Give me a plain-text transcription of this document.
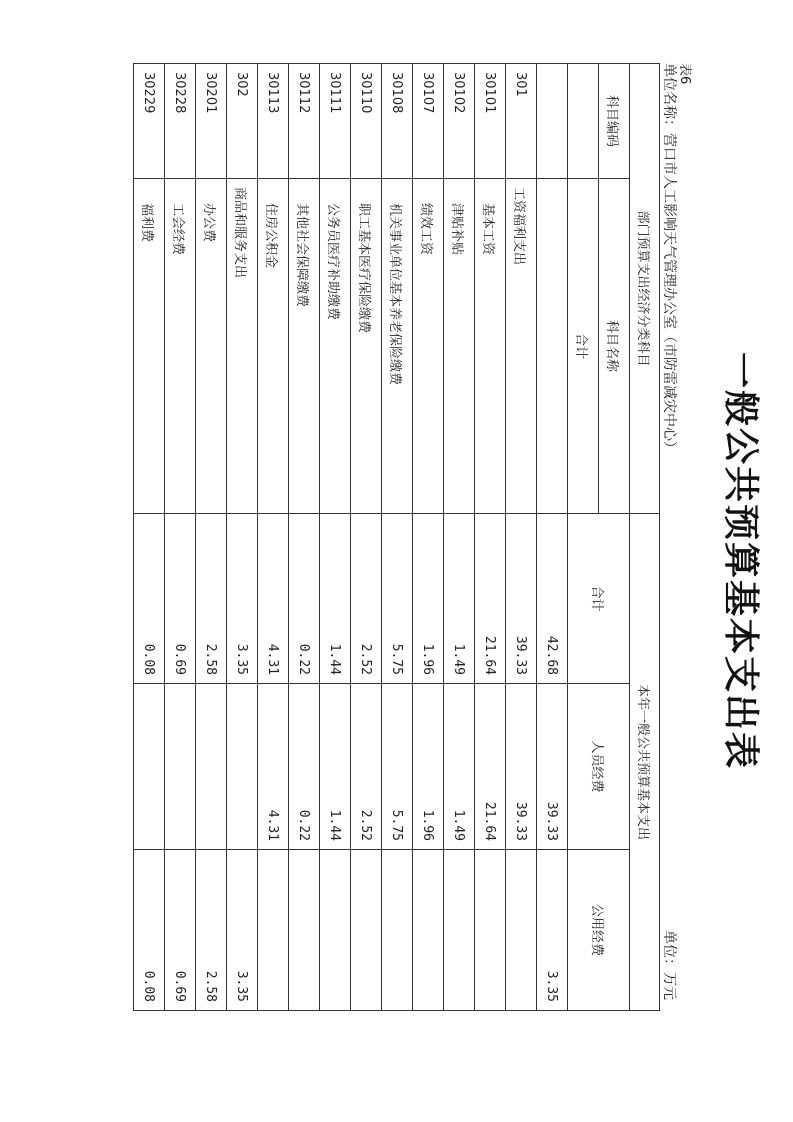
一般公共预算基本支出表
表6
单位名称：营口市人工影响天气管理办公室（市防雷减灾中心）
单位：万元
部门预算支出经济分类科目		本年一般公共预算基本支出		
科目编码	科目名称	合计	人员经费	公用经费
	合计			
		42.68	39.33	3.35
301	工资福利支出	39.33	39.33	
30101	基本工资	21.64	21.64	
30102	津贴补贴	1.49	1.49	
30107	绩效工资	1.96	1.96	
30108	机关事业单位基本养老保险缴费	5.75	5.75	
30110	职工基本医疗保险缴费	2.52	2.52	
30111	公务员医疗补助缴费	1.44	1.44	
30112	其他社会保障缴费	0.22	0.22	
30113	住房公积金	4.31	4.31	
302	商品和服务支出	3.35		3.35
30201	办公费	2.58		2.58
30228	工会经费	0.69		0.69
30229	福利费	0.08		0.08
